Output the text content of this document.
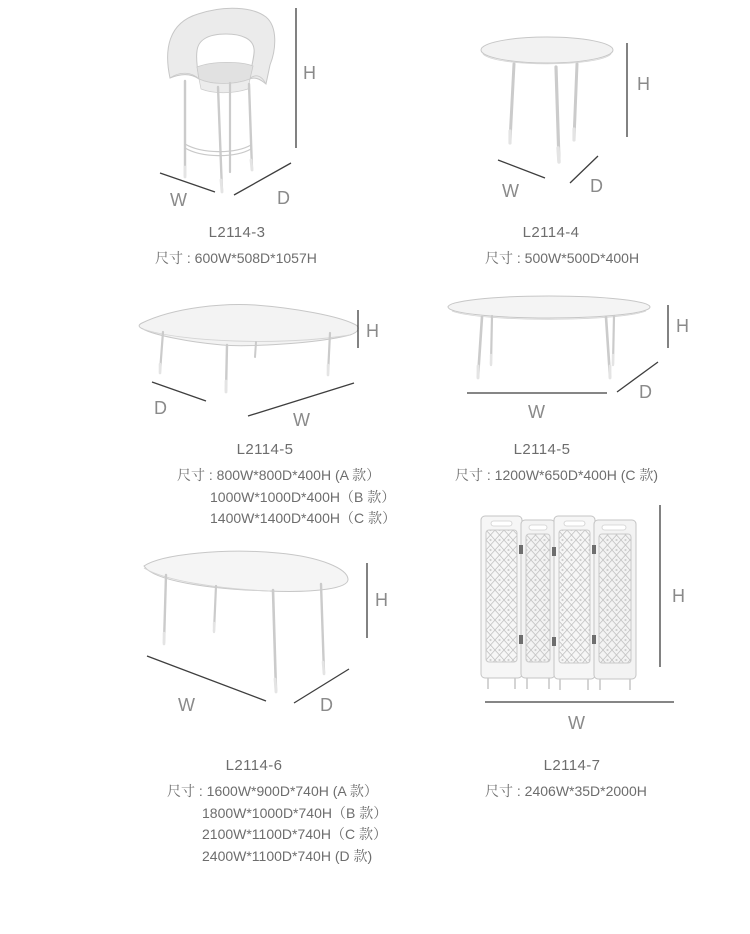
H
W	D
H
W	D
H
D
W	W
D
H
W	D
H	H
W
L2114-3
尺寸 : 600W*508D*1057H
L2114-4
尺寸 : 500W*500D*400H
L2114-5
尺寸 : 800W*800D*400H (A 款）
1000W*1000D*400H（B 款）
1400W*1400D*400H（C 款）
L2114-5
尺寸 : 1200W*650D*400H (C 款)
L2114-6
尺寸 : 1600W*900D*740H (A 款）
1800W*1000D*740H（B 款）
2100W*1100D*740H（C 款）
2400W*1100D*740H (D 款)
L2114-7
尺寸 : 2406W*35D*2000H
